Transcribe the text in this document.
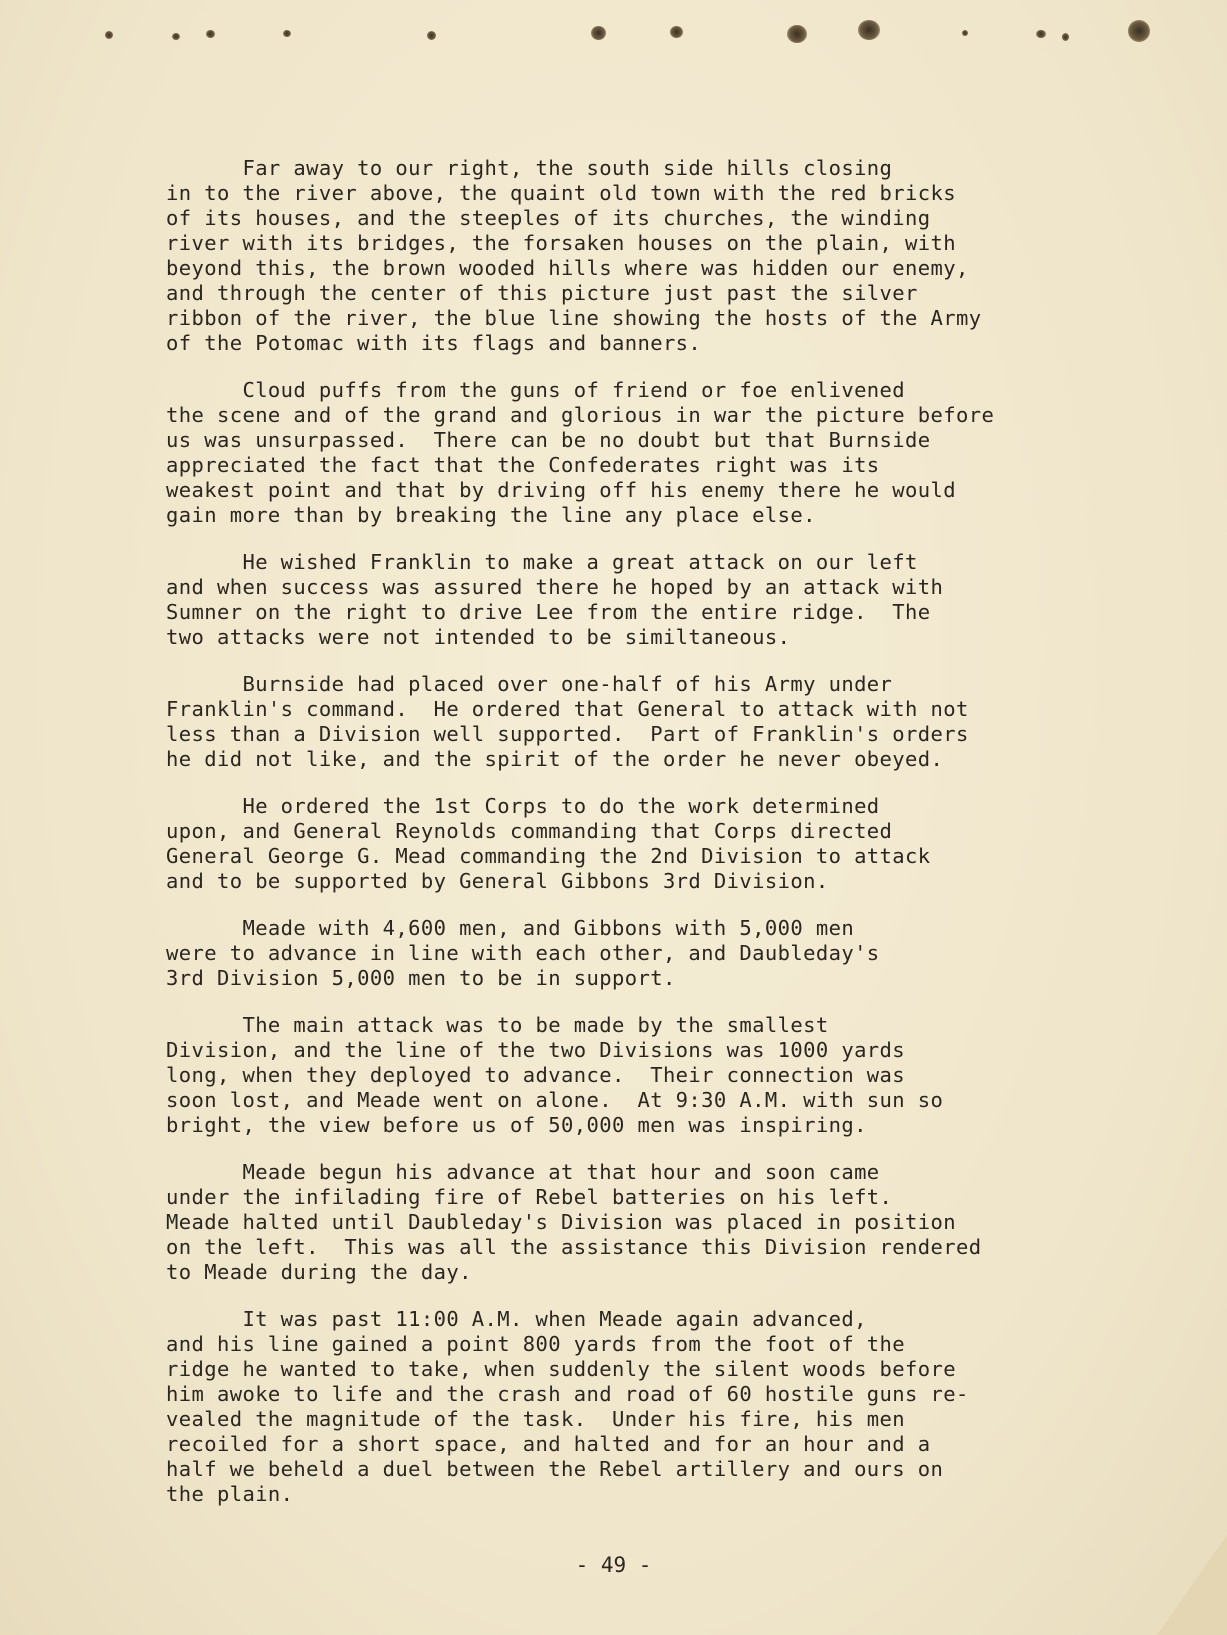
Far away to our right, the south side hills closing
in to the river above, the quaint old town with the red bricks
of its houses, and the steeples of its churches, the winding
river with its bridges, the forsaken houses on the plain, with
beyond this, the brown wooded hills where was hidden our enemy,
and through the center of this picture just past the silver
ribbon of the river, the blue line showing the hosts of the Army
of the Potomac with its flags and banners.
Cloud puffs from the guns of friend or foe enlivened
the scene and of the grand and glorious in war the picture before
us was unsurpassed.  There can be no doubt but that Burnside
appreciated the fact that the Confederates right was its
weakest point and that by driving off his enemy there he would
gain more than by breaking the line any place else.
He wished Franklin to make a great attack on our left
and when success was assured there he hoped by an attack with
Sumner on the right to drive Lee from the entire ridge.  The
two attacks were not intended to be similtaneous.
Burnside had placed over one-half of his Army under
Franklin's command.  He ordered that General to attack with not
less than a Division well supported.  Part of Franklin's orders
he did not like, and the spirit of the order he never obeyed.
He ordered the 1st Corps to do the work determined
upon, and General Reynolds commanding that Corps directed
General George G. Mead commanding the 2nd Division to attack
and to be supported by General Gibbons 3rd Division.
Meade with 4,600 men, and Gibbons with 5,000 men
were to advance in line with each other, and Daubleday's
3rd Division 5,000 men to be in support.
The main attack was to be made by the smallest
Division, and the line of the two Divisions was 1000 yards
long, when they deployed to advance.  Their connection was
soon lost, and Meade went on alone.  At 9:30 A.M. with sun so
bright, the view before us of 50,000 men was inspiring.
Meade begun his advance at that hour and soon came
under the infilading fire of Rebel batteries on his left.
Meade halted until Daubleday's Division was placed in position
on the left.  This was all the assistance this Division rendered
to Meade during the day.
It was past 11:00 A.M. when Meade again advanced,
and his line gained a point 800 yards from the foot of the
ridge he wanted to take, when suddenly the silent woods before
him awoke to life and the crash and road of 60 hostile guns re-
vealed the magnitude of the task.  Under his fire, his men
recoiled for a short space, and halted and for an hour and a
half we beheld a duel between the Rebel artillery and ours on
the plain.
- 49 -
